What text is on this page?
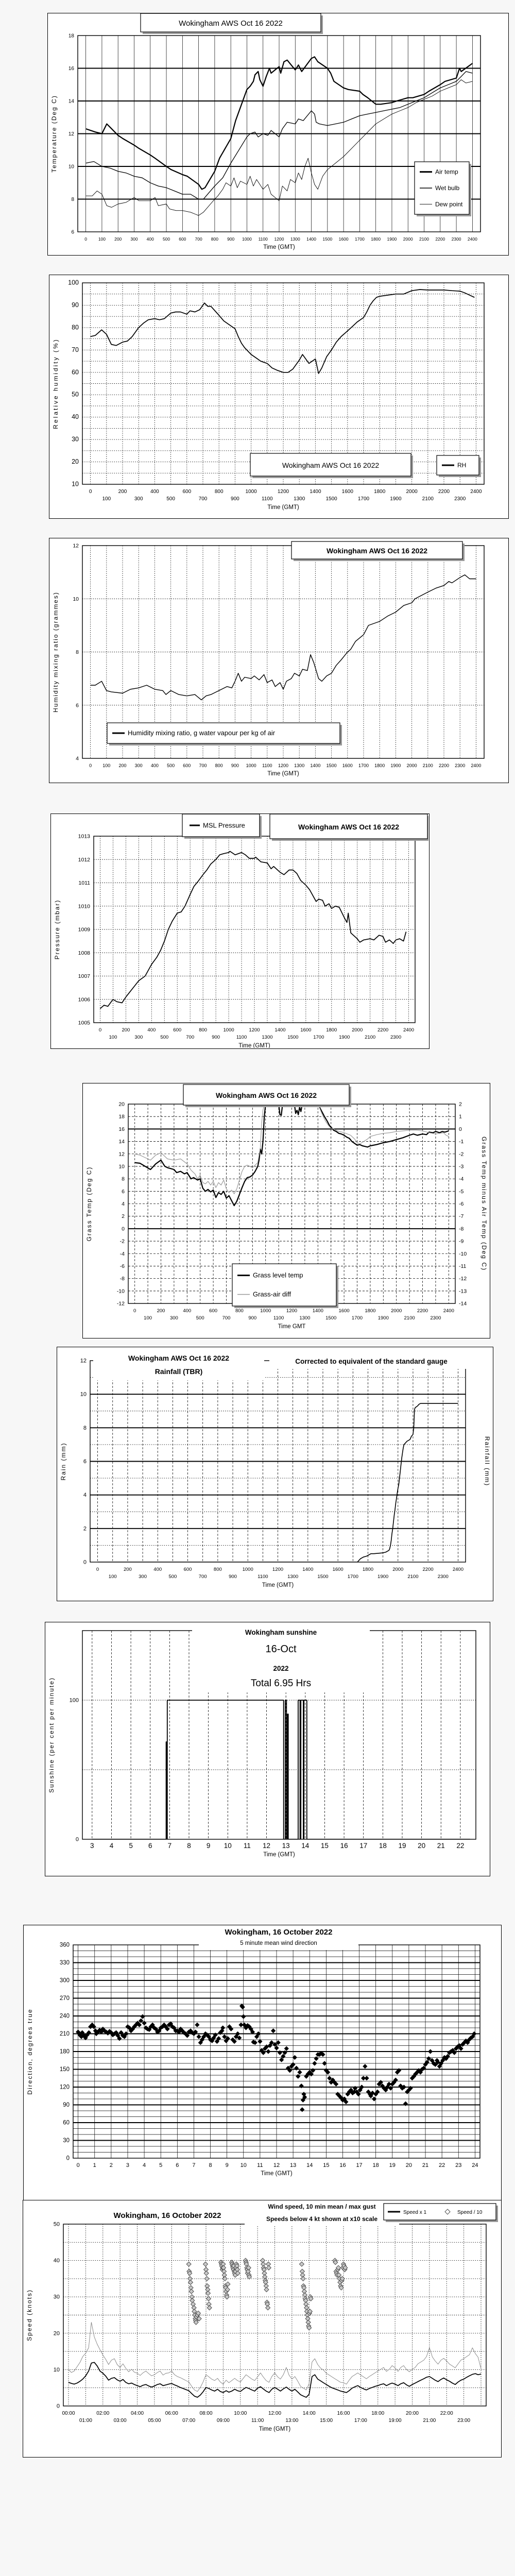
0	100 200 300 400 500 600 700 800 900 1000 1100 1200 1300 1400 1500 1600 1700 1800 1900 2000 2100 2200 2300 2400
Time (GMT)
6
8
10
12
14
16
18
Temperature (Deg C)
Wokingham AWS Oct 16 2022
Air temp
Wet bulb
Dew point
0
100
200
300
400
500
600
700
800
900
1000
1100
1200
1300
1400
1500
1600
1700
1800
1900
2000
2100
2200
2300
2400
Time (GMT)
10
20
30
40
50
60
70
80
90
100
Relative humidity (%)
Wokingham AWS Oct 16 2022	RH
0 100 200 300 400 500 600 700 800 900 1000 1100 1200 1300 1400 1500 1600 1700 1800 1900 2000 2100 2200 2300 2400
Time (GMT)
4
6
8
10
12
Humidity mixing ratio (grammes)
Wokingham AWS Oct 16 2022
Humidity mixing ratio, g water vapour per kg of air
0
100
200
300
400
500
600
700
800
900
1000
1100
1200
1300
1400
1500
1600
1700
1800
1900
2000
2100
2200
2300
2400
Time (GMT)
1005
1006
1007
1008
1009
1010
1011
1012
1013
Pressure (mbar)
MSL Pressure	Wokingham AWS Oct 16 2022
0
100
200
300
400
500
600
700
800
900
1000
1100
1200
1300
1400
1500
1600
1700
1800
1900
2000
2100
2200
2300
2400
Time GMT
-12
-10
-8
-6
-4
-2
0
2
4
6
8
10
12
14
16
18
20
Grass Temp (Deg C)
-14
-13
-12
-11
-10
-9
-8
-7
-6
-5
-4
-3
-2
-1
0
1
2
Grass Temp minus Air Temp (Deg C)
Wokingham AWS Oct 16 2022
Grass level temp
Grass-air diff
0
100
200
300
400
500
600
700
800
900
1000
1100
1200
1300
1400
1500
1600
1700
1800
1900
2000
2100
2200
2300
2400
Time (GMT)
0
2
4
6
8
10
12
Rain (mm)	Rainfall (mm)
Wokingham AWS Oct 16 2022
Rainfall (TBR)
Corrected to equivalent of the standard gauge
3 4 5 6 7 8 9 10 11 12 13 14 15 16 17 18 19 20 21 22
Time (GMT)
0
100
Sunshine (per cent per minute)
Wokingham sunshine
16-Oct
2022
Total 6.95 Hrs
0 1 2 3 4 5 6 7 8 9 10 11 12 13 14 15 16 17 18 19 20 21 22 23 24
Time (GMT)
0
30
60
90
120
150
180
210
240
270
300
330
360
Direction, degrees true
Wokingham, 16 October 2022
5 minute mean wind direction
00:00
01:00
02:00
03:00
04:00
05:00
06:00
07:00
08:00
09:00
10:00
11:00
12:00
13:00
14:00
15:00
16:00
17:00
18:00
19:00
20:00
21:00
22:00
23:00
Time (GMT)
0
10
20
30
40
50
Speed (knots)
Wokingham, 16 October 2022
Wind speed, 10 min mean / max gust
Speeds below 4 kt shown at x10 scale
Speed x 1	Speed / 10
